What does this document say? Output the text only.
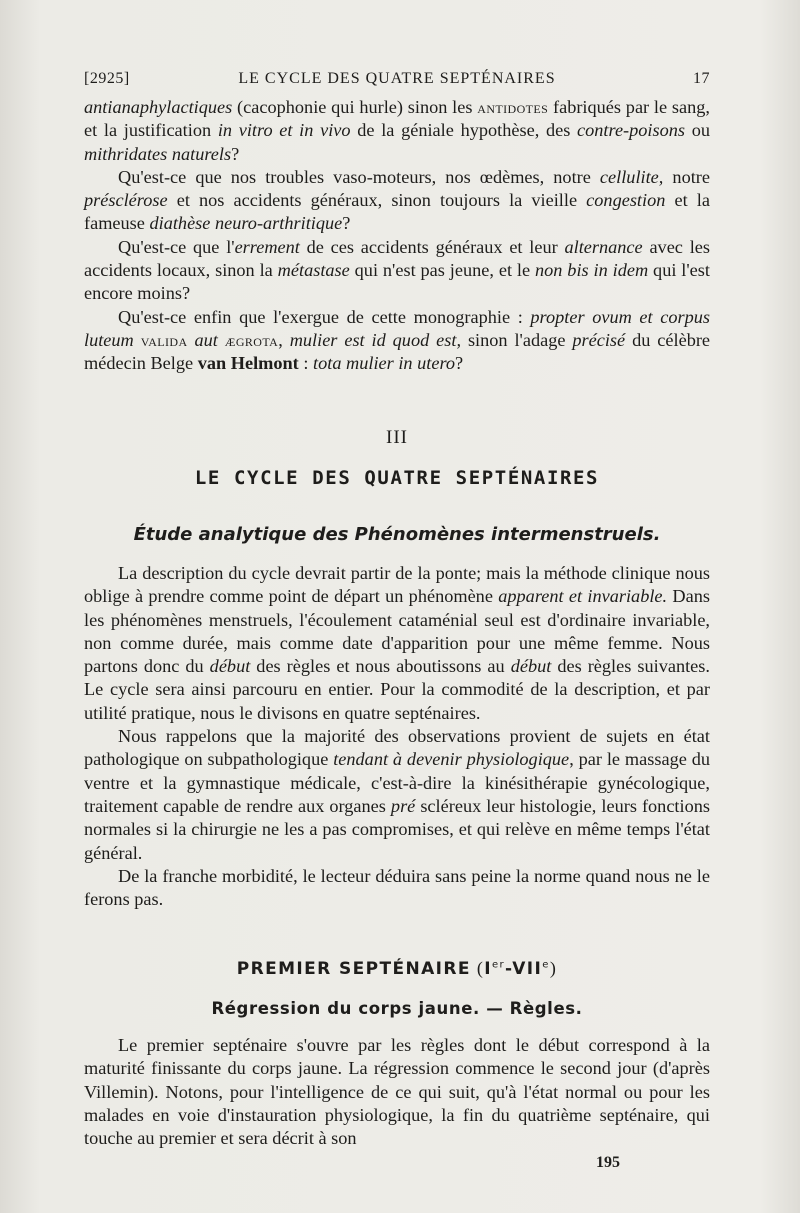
[2925]	LE CYCLE DES QUATRE SEPTÉNAIRES	17

antianaphylactiques (cacophonie qui hurle) sinon les antidotes fabriqués par le sang, et la justification in vitro et in vivo de la géniale hypothèse, des contre-poisons ou mithridates naturels?

Qu'est-ce que nos troubles vaso-moteurs, nos œdèmes, notre cellulite, notre présclérose et nos accidents généraux, sinon toujours la vieille congestion et la fameuse diathèse neuro-arthritique?

Qu'est-ce que l'errement de ces accidents généraux et leur alternance avec les accidents locaux, sinon la métastase qui n'est pas jeune, et le non bis in idem qui l'est encore moins?

Qu'est-ce enfin que l'exergue de cette monographie : propter ovum et corpus luteum valida aut ægrota, mulier est id quod est, sinon l'adage précisé du célèbre médecin Belge van Helmont : tota mulier in utero?

III
LE CYCLE DES QUATRE SEPTÉNAIRES
Étude analytique des Phénomènes intermenstruels.

La description du cycle devrait partir de la ponte; mais la méthode clinique nous oblige à prendre comme point de départ un phénomène apparent et invariable. Dans les phénomènes menstruels, l'écoulement cataménial seul est d'ordinaire invariable, non comme durée, mais comme date d'apparition pour une même femme. Nous partons donc du début des règles et nous aboutissons au début des règles suivantes. Le cycle sera ainsi parcouru en entier. Pour la commodité de la description, et par utilité pratique, nous le divisons en quatre septénaires.

Nous rappelons que la majorité des observations provient de sujets en état pathologique on subpathologique tendant à devenir physiologique, par le massage du ventre et la gymnastique médicale, c'est-à-dire la kinésithérapie gynécologique, traitement capable de rendre aux organes pré scléreux leur histologie, leurs fonctions normales si la chirurgie ne les a pas compromises, et qui relève en même temps l'état général.

De la franche morbidité, le lecteur déduira sans peine la norme quand nous ne le ferons pas.

PREMIER SEPTÉNAIRE (Ier-VIIe)
Régression du corps jaune. — Règles.

Le premier septénaire s'ouvre par les règles dont le début correspond à la maturité finissante du corps jaune. La régression commence le second jour (d'après Villemin). Notons, pour l'intelligence de ce qui suit, qu'à l'état normal ou pour les malades en voie d'instauration physiologique, la fin du quatrième septénaire, qui touche au premier et sera décrit à son

195
